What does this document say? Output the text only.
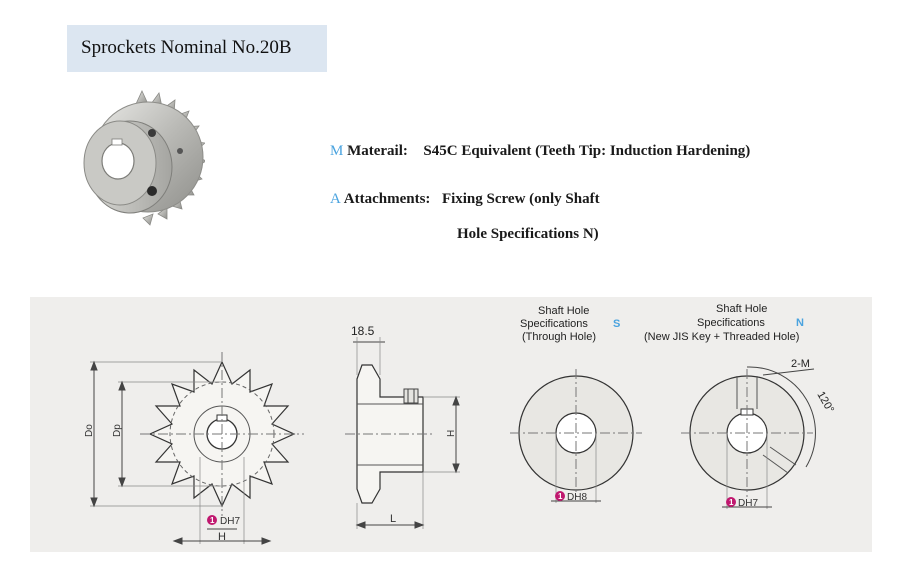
Sprockets Nominal No.20B
M Materail: S45C Equivalent (Teeth Tip: Induction Hardening)
A Attachments: Fixing Screw (only Shaft
Hole Specifications N)
Do Dp
H
1 DH7
18.5
H
L
Shaft Hole
Specifications S
(Through Hole)
1 DH8
Shaft Hole
Specifications	N
(New JIS Key + Threaded Hole)
2-M
120°
1 DH7
